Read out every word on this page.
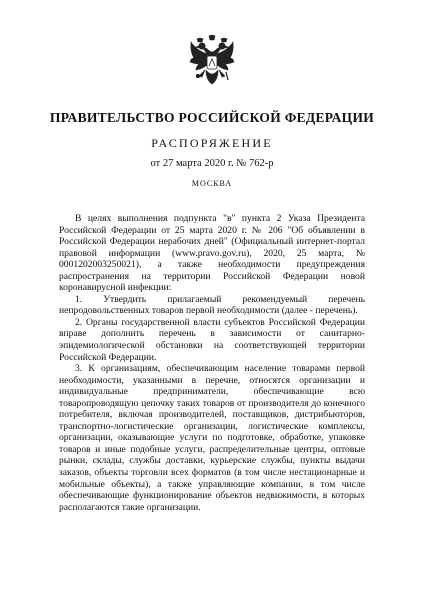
ПРАВИТЕЛЬСТВО РОССИЙСКОЙ ФЕДЕРАЦИИ
РАСПОРЯЖЕНИЕ
от 27 марта 2020 г. № 762-р
МОСКВА

В целях выполнения подпункта "в" пункта 2 Указа Президента Российской Федерации от 25 марта 2020 г. № 206 "Об объявлении в Российской Федерации нерабочих дней" (Официальный интернет-портал правовой информации (www.pravo.gov.ru), 2020, 25 марта, № 0001202003250021), а также необходимости предупреждения распространения на территории Российской Федерации новой коронавирусной инфекции:

1. Утвердить прилагаемый рекомендуемый перечень непродовольственных товаров первой необходимости (далее - перечень).

2. Органы государственной власти субъектов Российской Федерации вправе дополнить перечень в зависимости от санитарно-эпидемиологической обстановки на соответствующей территории Российской Федерации.

3. К организациям, обеспечивающим население товарами первой необходимости, указанными в перечне, относятся организации и индивидуальные предприниматели, обеспечивающие всю товаропроводящую цепочку таких товаров от производителя до конечного потребителя, включая производителей, поставщиков, дистрибьюторов, транспортно-логистические организации, логистические комплексы, организации, оказывающие услуги по подготовке, обработке, упаковке товаров и иные подобные услуги, распределительные центры, оптовые рынки, склады, службы доставки, курьерские службы, пункты выдачи заказов, объекты торговли всех форматов (в том числе нестационарные и мобильные объекты), а также управляющие компании, в том числе обеспечивающие функционирование объектов недвижимости, в которых располагаются такие организации.
